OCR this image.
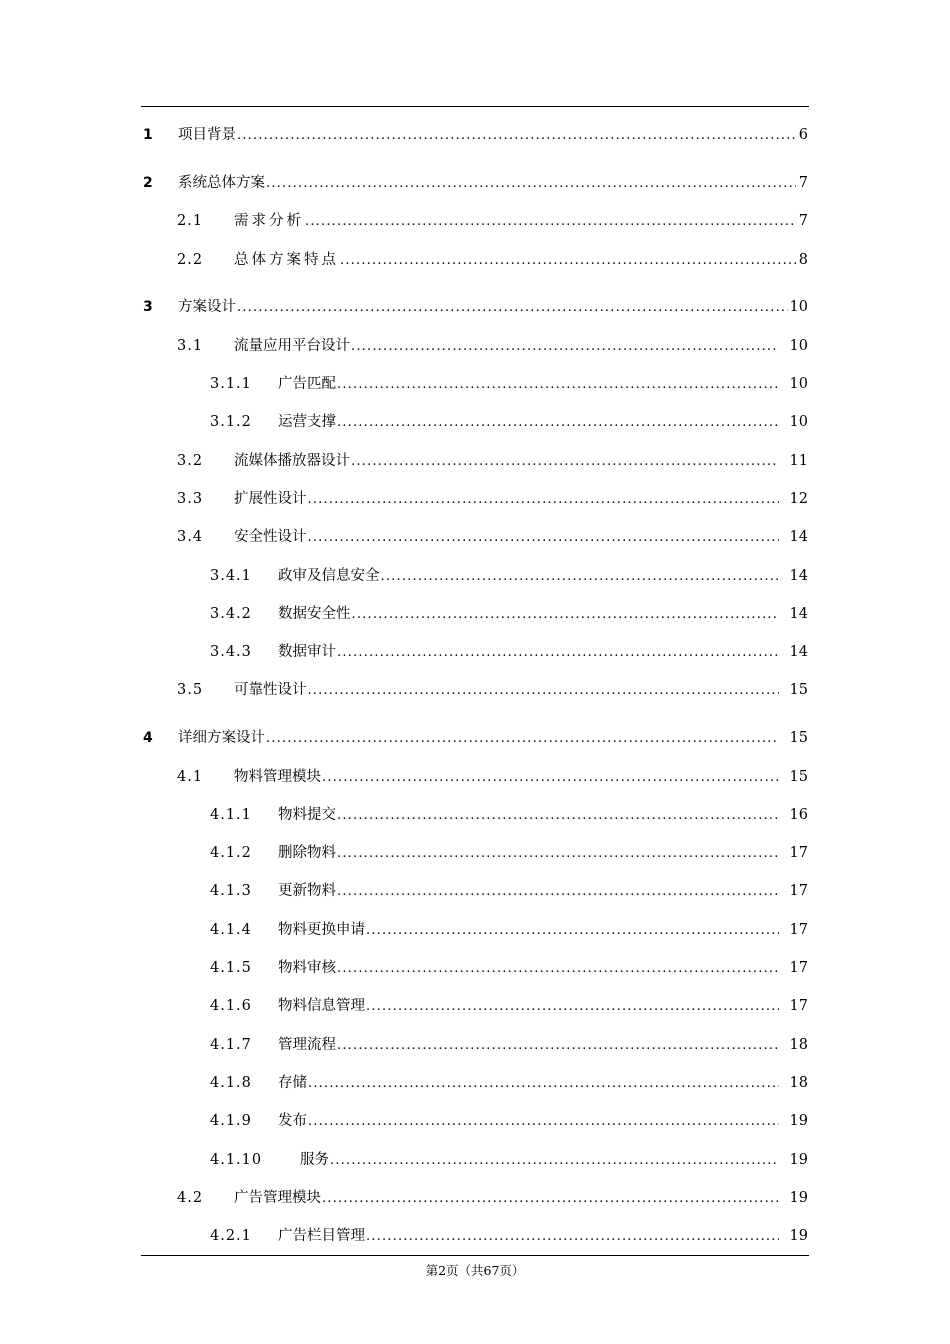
1 项目背景 .....	6
2 系统总体方案 .....	7
2.1 需求分析 .....	7
2.2 总体方案特点 .....	8
3 方案设计 .....	10
3.1 流量应用平台设计 .....	10
3.1.1 广告匹配 .....	10
3.1.2 运营支撑 .....	10
3.2 流媒体播放器设计 .....	11
3.3 扩展性设计 .....	12
3.4 安全性设计 .....	14
3.4.1 政审及信息安全 .....	14
3.4.2 数据安全性 .....	14
3.4.3 数据审计 .....	14
3.5 可靠性设计 .....	15
4 详细方案设计 .....	15
4.1 物料管理模块 .....	15
4.1.1 物料提交 .....	16
4.1.2 删除物料 .....	17
4.1.3 更新物料 .....	17
4.1.4 物料更换申请 .....	17
4.1.5 物料审核 .....	17
4.1.6 物料信息管理 .....	17
4.1.7 管理流程 .....	18
4.1.8 存储 .....	18
4.1.9 发布 .....	19
4.1.10	服务 .....	19
4.2 广告管理模块 .....	19
4.2.1 广告栏目管理 .....	19
第2页（共67页）
